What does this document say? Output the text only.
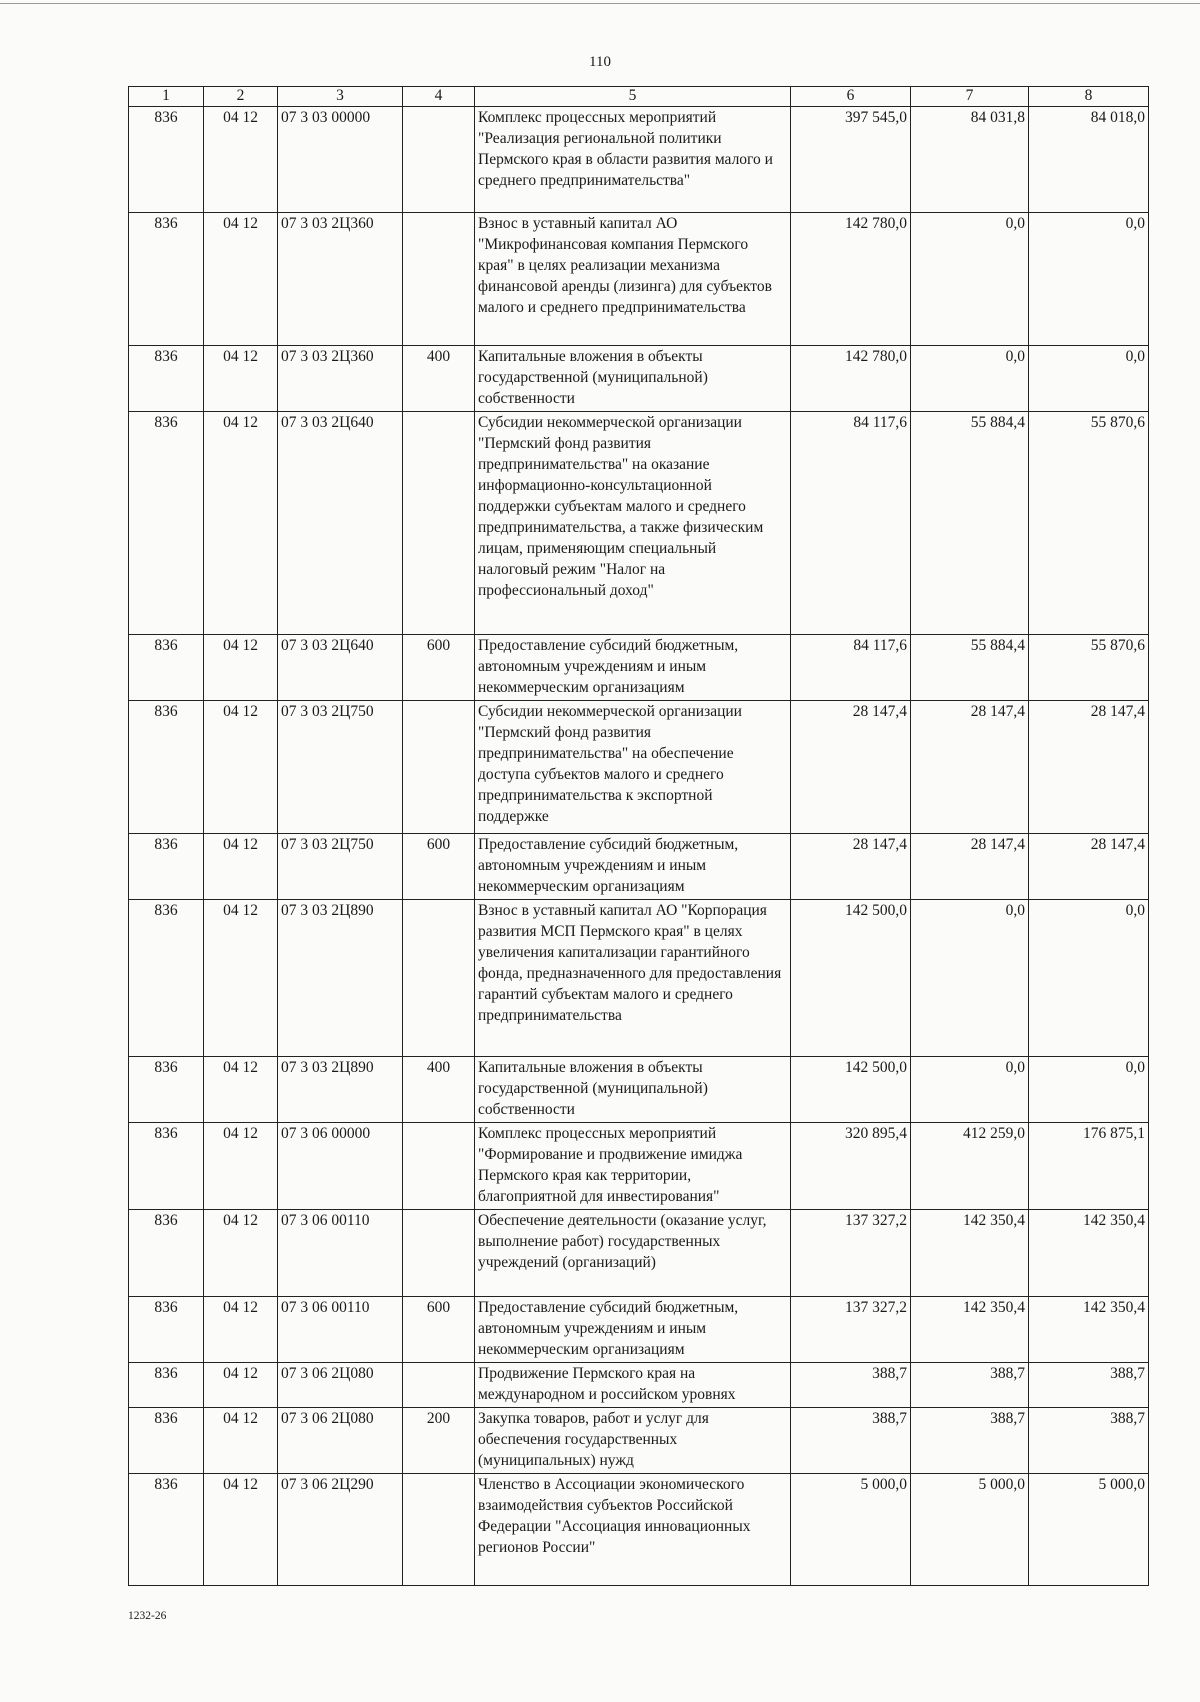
110
1	2	3	4	5	6	7	8
836	04 12	07 3 03 00000		Комплекс процессных мероприятий "Реализация региональной политики Пермского края в области развития малого и среднего предпринимательства"	397 545,0	84 031,8	84 018,0
836	04 12	07 3 03 2Ц360		Взнос в уставный капитал АО "Микрофинансовая компания Пермского края" в целях реализации механизма финансовой аренды (лизинга) для субъектов малого и среднего предпринимательства	142 780,0	0,0	0,0
836	04 12	07 3 03 2Ц360	400	Капитальные вложения в объекты государственной (муниципальной) собственности	142 780,0	0,0	0,0
836	04 12	07 3 03 2Ц640		Субсидии некоммерческой организации "Пермский фонд развития предпринимательства" на оказание информационно-консультационной поддержки субъектам малого и среднего предпринимательства, а также физическим лицам, применяющим специальный налоговый режим "Налог на профессиональный доход"	84 117,6	55 884,4	55 870,6
836	04 12	07 3 03 2Ц640	600	Предоставление субсидий бюджетным, автономным учреждениям и иным некоммерческим организациям	84 117,6	55 884,4	55 870,6
836	04 12	07 3 03 2Ц750		Субсидии некоммерческой организации "Пермский фонд развития предпринимательства" на обеспечение доступа субъектов малого и среднего предпринимательства к экспортной поддержке	28 147,4	28 147,4	28 147,4
836	04 12	07 3 03 2Ц750	600	Предоставление субсидий бюджетным, автономным учреждениям и иным некоммерческим организациям	28 147,4	28 147,4	28 147,4
836	04 12	07 3 03 2Ц890		Взнос в уставный капитал АО "Корпорация развития МСП Пермского края" в целях увеличения капитализации гарантийного фонда, предназначенного для предоставления гарантий субъектам малого и среднего предпринимательства	142 500,0	0,0	0,0
836	04 12	07 3 03 2Ц890	400	Капитальные вложения в объекты государственной (муниципальной) собственности	142 500,0	0,0	0,0
836	04 12	07 3 06 00000		Комплекс процессных мероприятий "Формирование и продвижение имиджа Пермского края как территории, благоприятной для инвестирования"	320 895,4	412 259,0	176 875,1
836	04 12	07 3 06 00110		Обеспечение деятельности (оказание услуг, выполнение работ) государственных учреждений (организаций)	137 327,2	142 350,4	142 350,4
836	04 12	07 3 06 00110	600	Предоставление субсидий бюджетным, автономным учреждениям и иным некоммерческим организациям	137 327,2	142 350,4	142 350,4
836	04 12	07 3 06 2Ц080		Продвижение Пермского края на международном и российском уровнях	388,7	388,7	388,7
836	04 12	07 3 06 2Ц080	200	Закупка товаров, работ и услуг для обеспечения государственных (муниципальных) нужд	388,7	388,7	388,7
836	04 12	07 3 06 2Ц290		Членство в Ассоциации экономического взаимодействия субъектов Российской Федерации "Ассоциация инновационных регионов России"	5 000,0	5 000,0	5 000,0
1232-26
